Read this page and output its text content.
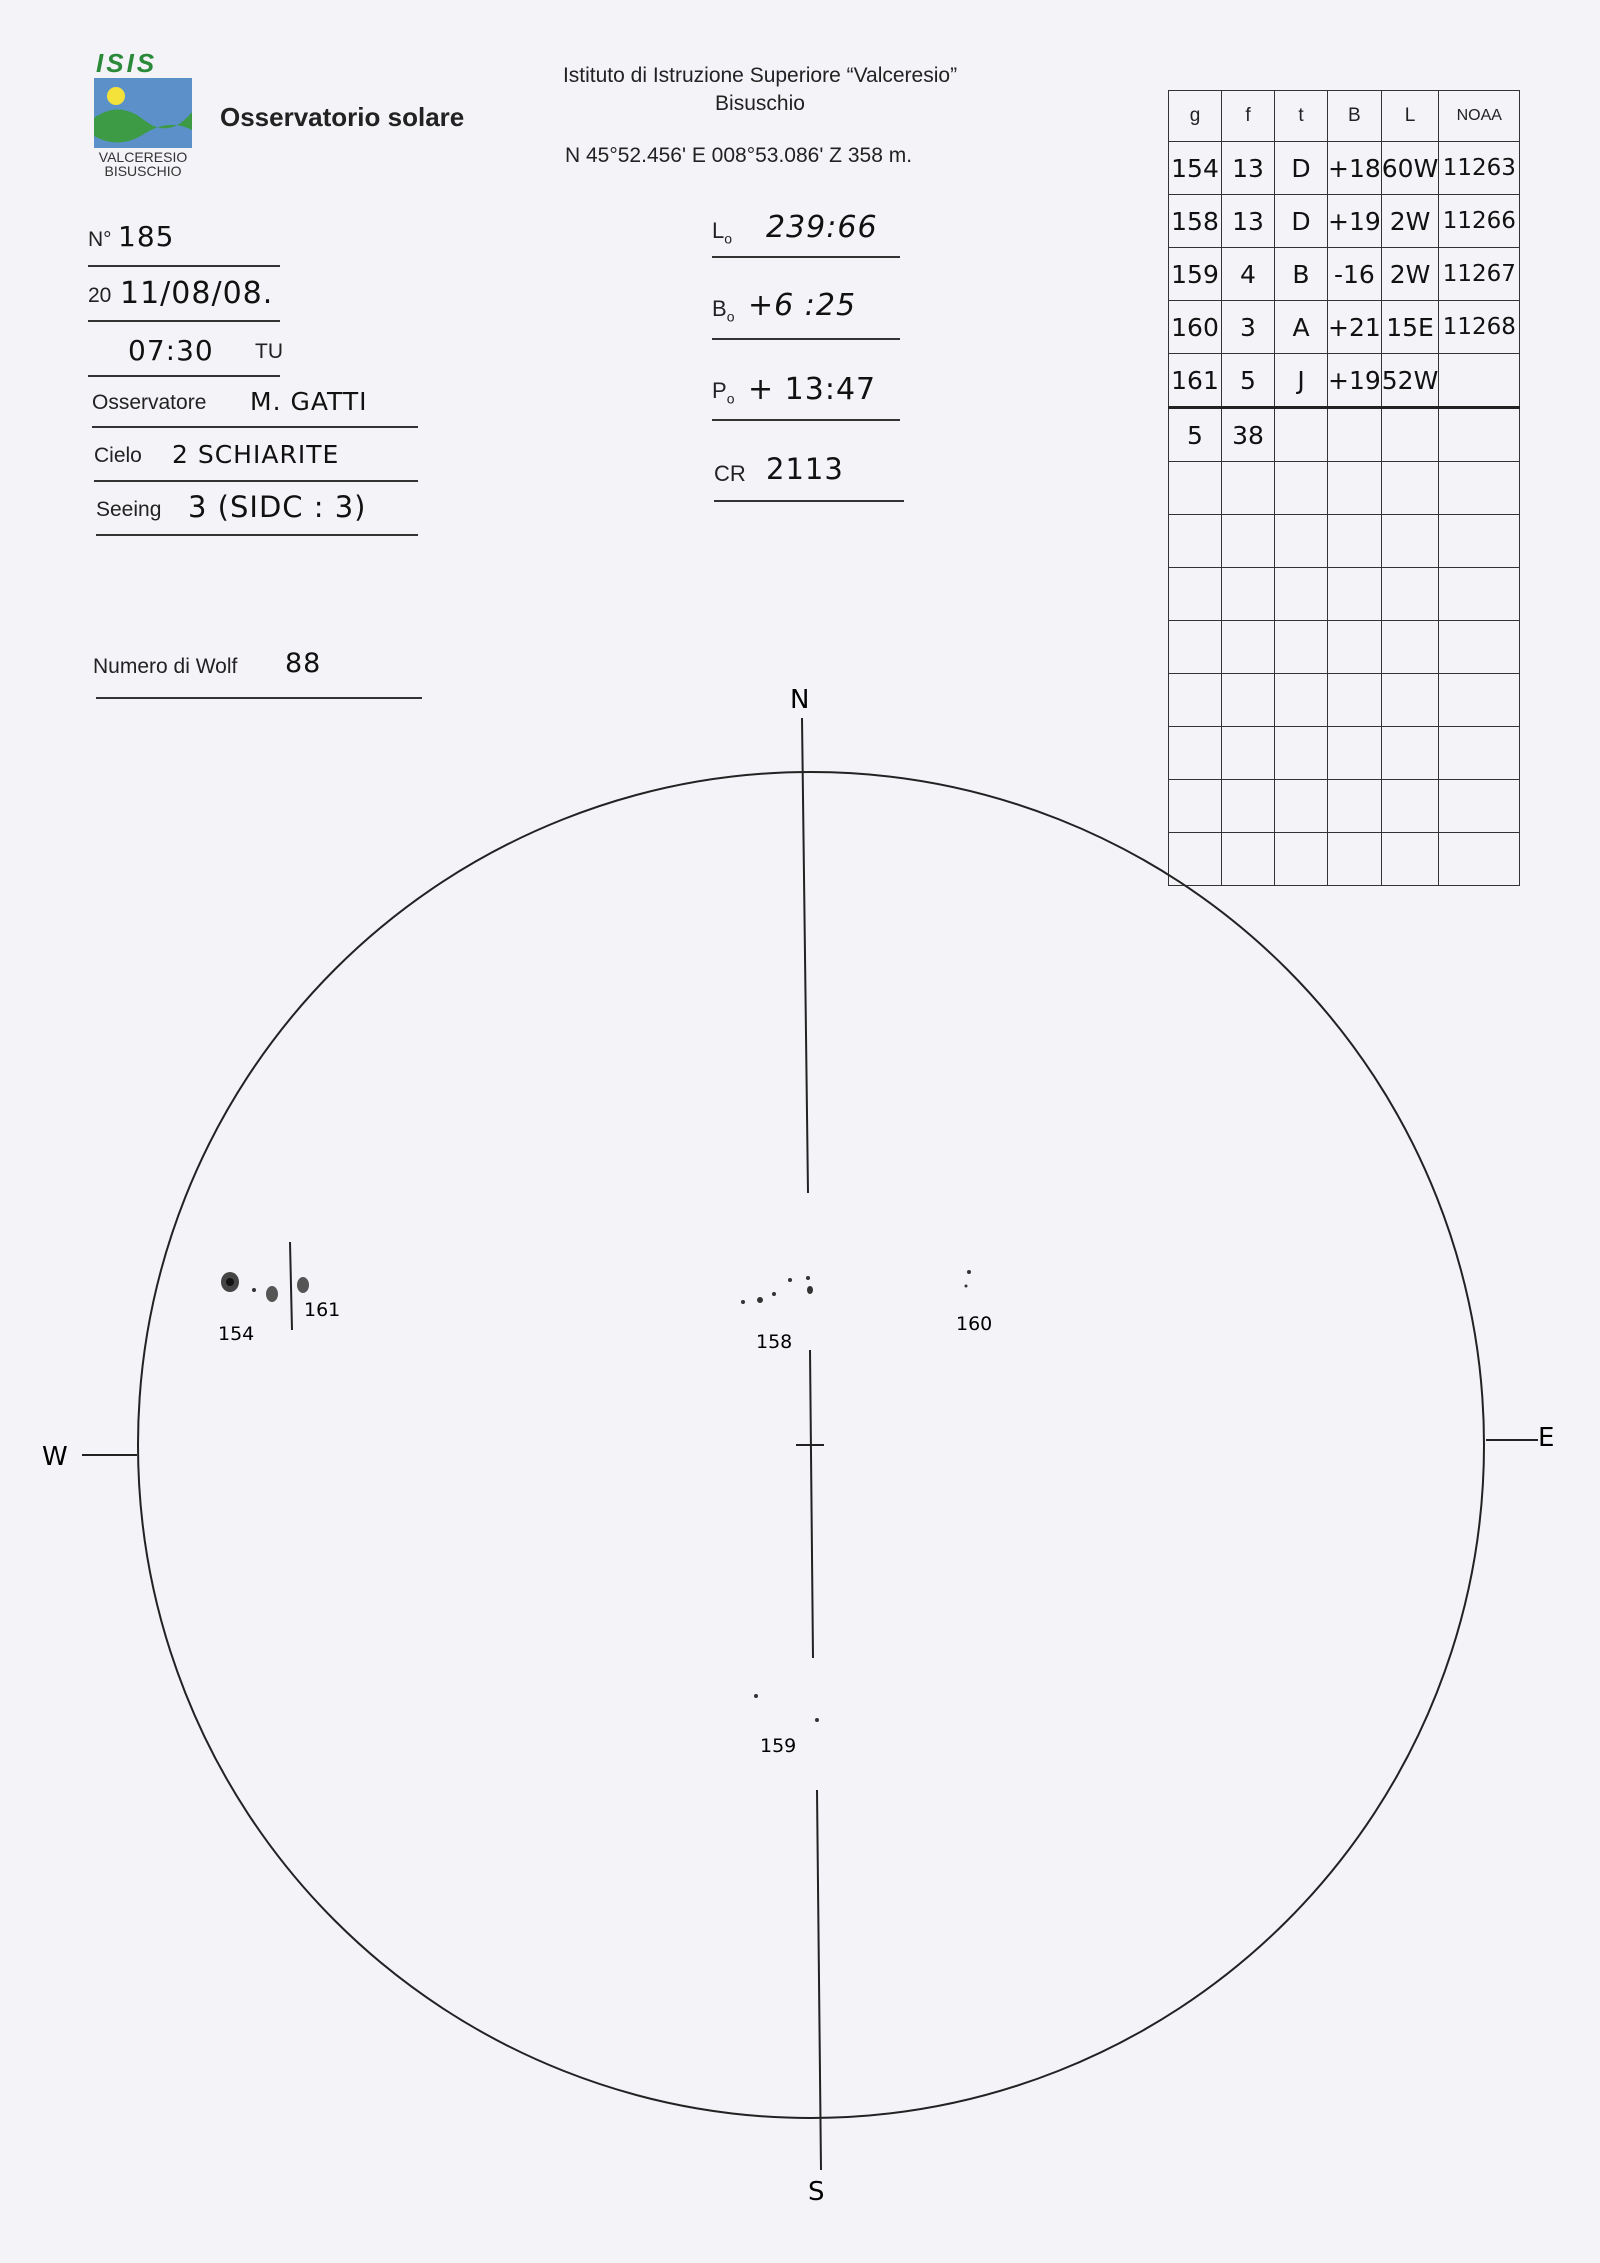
ISIS
VALCERESIO
BISUSCHIO
Osservatorio solare
Istituto di Istruzione Superiore “Valceresio”
Bisuschio
N 45°52.456' E 008°53.086' Z 358 m.
N° 185
20 11/08/08.
07:30 TU
Osservatore M. GATTI
Cielo 2 SCHIARITE
Seeing 3 (SIDC : 3)
Numero di Wolf 88
$L_o$ 239:66
$B_o +6$ :25
$P_o$ + 13:47
CR 2113
g	f	t	B	L	NOAA
154	13	D	+18	60W	11263
158	13	D	+19	2W	11266
159	4	B	-16	2W	11267
160	3	A	+21	15E	11268
161	5	J	+19	52W	
5	38				

N
S
E
W
154
161
158
160
159
